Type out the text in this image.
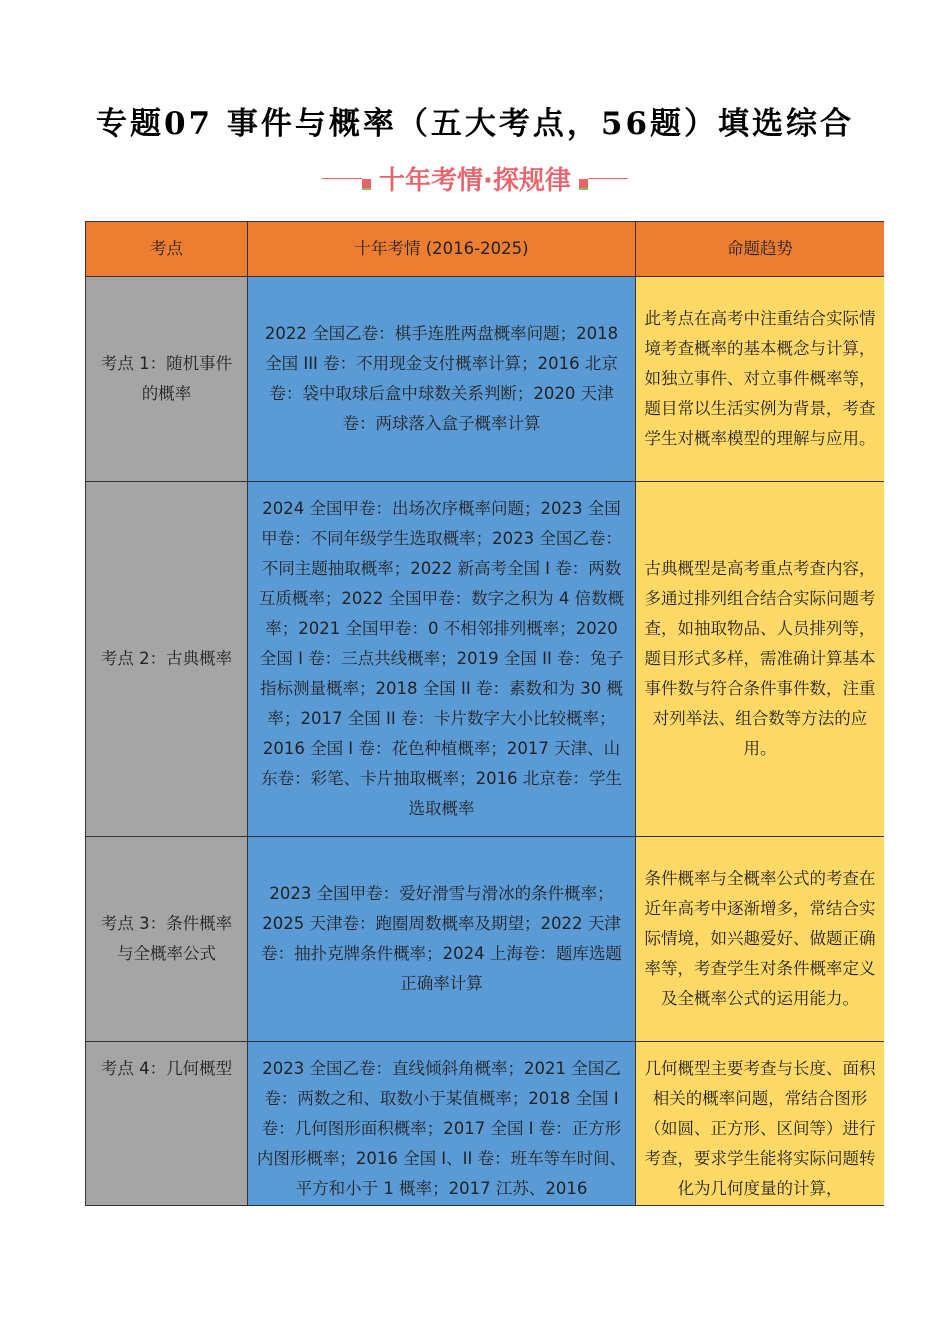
专题07 事件与概率（五大考点，56题）填选综合
十年考情·探规律
考点	十年考情 (2016-2025)	命题趋势
考点 1：随机事件的概率	2022 全国乙卷：棋手连胜两盘概率问题；2018 全国 III 卷：不用现金支付概率计算；2016 北京卷：袋中取球后盒中球数关系判断；2020 天津卷：两球落入盒子概率计算	此考点在高考中注重结合实际情境考查概率的基本概念与计算，如独立事件、对立事件概率等，题目常以生活实例为背景，考查学生对概率模型的理解与应用。
考点 2：古典概率	2024 全国甲卷：出场次序概率问题；2023 全国甲卷：不同年级学生选取概率；2023 全国乙卷：不同主题抽取概率；2022 新高考全国 I 卷：两数互质概率；2022 全国甲卷：数字之积为 4 倍数概率；2021 全国甲卷：0 不相邻排列概率；2020 全国 I 卷：三点共线概率；2019 全国 II 卷：兔子指标测量概率；2018 全国 II 卷：素数和为 30 概率；2017 全国 II 卷：卡片数字大小比较概率；2016 全国 I 卷：花色种植概率；2017 天津、山东卷：彩笔、卡片抽取概率；2016 北京卷：学生选取概率	古典概型是高考重点考查内容，多通过排列组合结合实际问题考查，如抽取物品、人员排列等，题目形式多样，需准确计算基本事件数与符合条件事件数，注重对列举法、组合数等方法的应用。
考点 3：条件概率与全概率公式	2023 全国甲卷：爱好滑雪与滑冰的条件概率；2025 天津卷：跑圈周数概率及期望；2022 天津卷：抽扑克牌条件概率；2024 上海卷：题库选题正确率计算	条件概率与全概率公式的考查在近年高考中逐渐增多，常结合实际情境，如兴趣爱好、做题正确率等，考查学生对条件概率定义及全概率公式的运用能力。
考点 4：几何概型	2023 全国乙卷：直线倾斜角概率；2021 全国乙卷：两数之和、取数小于某值概率；2018 全国 I 卷：几何图形面积概率；2017 全国 I 卷：正方形内图形概率；2016 全国 I、II 卷：班车等车时间、平方和小于 1 概率；2017 江苏、2016	几何概型主要考查与长度、面积相关的概率问题，常结合图形（如圆、正方形、区间等）进行考查，要求学生能将实际问题转化为几何度量的计算，
